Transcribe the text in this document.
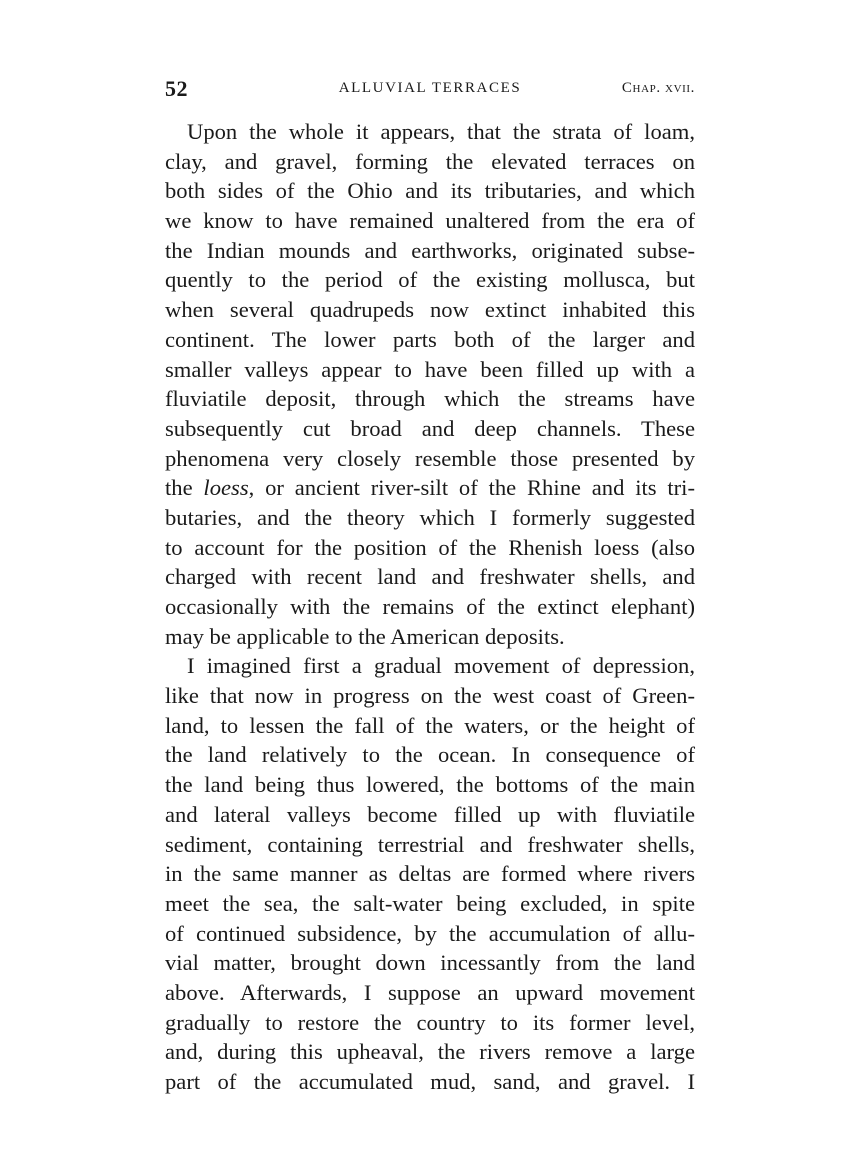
52	ALLUVIAL TERRACES	Chap. xvii.
Upon the whole it appears, that the strata of loam,
clay, and gravel, forming the elevated terraces on
both sides of the Ohio and its tributaries, and which
we know to have remained unaltered from the era of
the Indian mounds and earthworks, originated subse-
quently to the period of the existing mollusca, but
when several quadrupeds now extinct inhabited this
continent. The lower parts both of the larger and
smaller valleys appear to have been filled up with a
fluviatile deposit, through which the streams have
subsequently cut broad and deep channels. These
phenomena very closely resemble those presented by
the loess, or ancient river-silt of the Rhine and its tri-
butaries, and the theory which I formerly suggested
to account for the position of the Rhenish loess (also
charged with recent land and freshwater shells, and
occasionally with the remains of the extinct elephant)
may be applicable to the American deposits.
I imagined first a gradual movement of depression,
like that now in progress on the west coast of Green-
land, to lessen the fall of the waters, or the height of
the land relatively to the ocean. In consequence of
the land being thus lowered, the bottoms of the main
and lateral valleys become filled up with fluviatile
sediment, containing terrestrial and freshwater shells,
in the same manner as deltas are formed where rivers
meet the sea, the salt-water being excluded, in spite
of continued subsidence, by the accumulation of allu-
vial matter, brought down incessantly from the land
above. Afterwards, I suppose an upward movement
gradually to restore the country to its former level,
and, during this upheaval, the rivers remove a large
part of the accumulated mud, sand, and gravel. I
